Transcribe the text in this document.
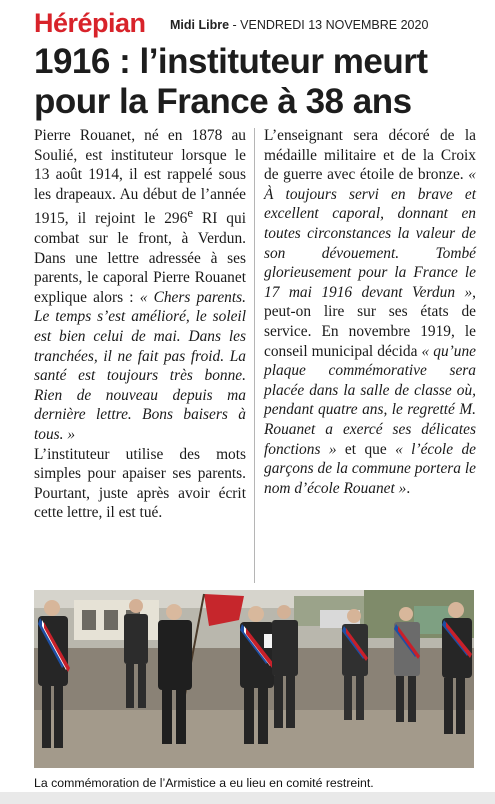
Hérépian Midi Libre - VENDREDI 13 NOVEMBRE 2020
1916 : l’instituteur meurt
pour la France à 38 ans

Pierre Rouanet, né en 1878 au Soulié, est instituteur lorsque le 13 août 1914, il est rappelé sous les drapeaux. Au début de l’année 1915, il rejoint le 296e RI qui combat sur le front, à Verdun. Dans une lettre adressée à ses parents, le caporal Pierre Rouanet explique alors : « Chers parents. Le temps s’est amélioré, le soleil est bien celui de mai. Dans les tranchées, il ne fait pas froid. La santé est toujours très bonne. Rien de nouveau depuis ma dernière lettre. Bons baisers à tous. »

L’instituteur utilise des mots simples pour apaiser ses parents. Pourtant, juste après avoir écrit cette lettre, il est tué.

L’enseignant sera décoré de la médaille militaire et de la Croix de guerre avec étoile de bronze. « À toujours servi en brave et excellent caporal, donnant en toutes circonstances la valeur de son dévouement. Tombé glorieusement pour la France le 17 mai 1916 devant Verdun », peut-on lire sur ses états de service. En novembre 1919, le conseil municipal décida « qu’une plaque commémorative sera placée dans la salle de classe où, pendant quatre ans, le regretté M. Rouanet a exercé ses délicates fonctions » et que « l’école de garçons de la commune portera le nom d’école Rouanet ».

La commémoration de l’Armistice a eu lieu en comité restreint.
